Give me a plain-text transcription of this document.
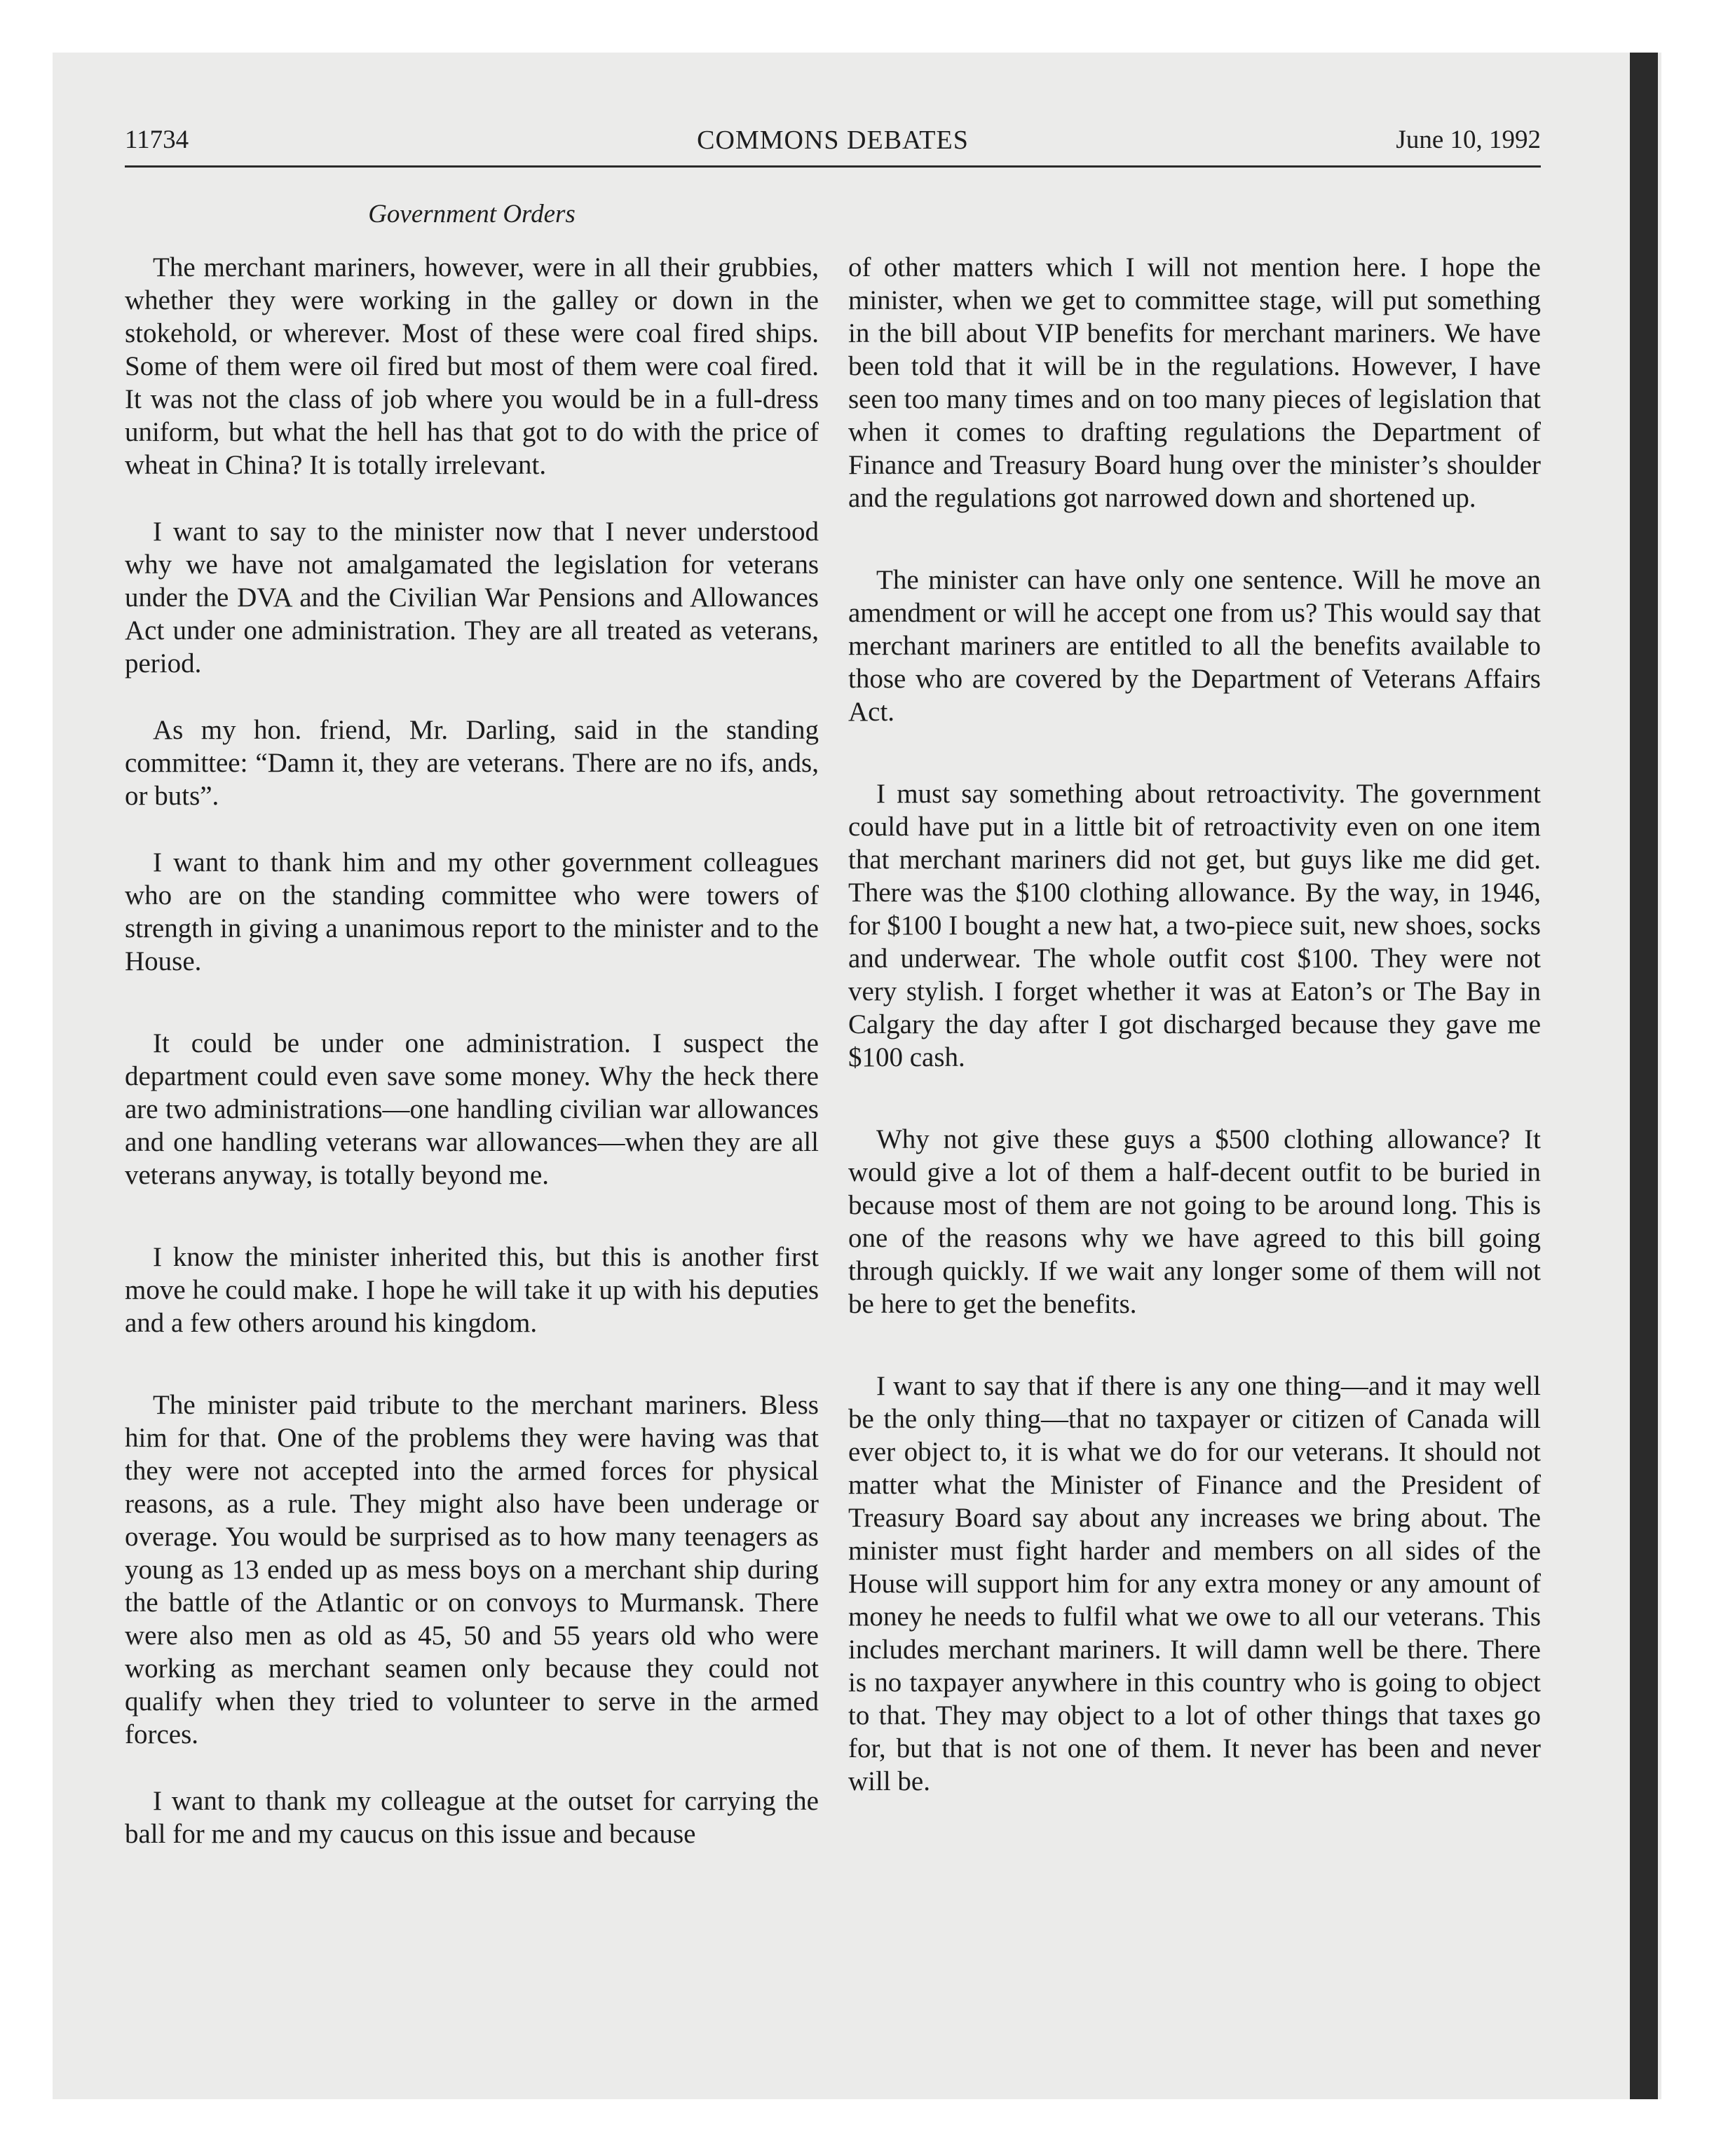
11734	COMMONS DEBATES	June 10, 1992
Government Orders

The merchant mariners, however, were in all their grubbies, whether they were working in the galley or down in the stokehold, or wherever. Most of these were coal fired ships. Some of them were oil fired but most of them were coal fired. It was not the class of job where you would be in a full-dress uniform, but what the hell has that got to do with the price of wheat in China? It is totally irrelevant.

I want to say to the minister now that I never understood why we have not amalgamated the legislation for veterans under the DVA and the Civilian War Pensions and Allowances Act under one administration. They are all treated as veterans, period.

As my hon. friend, Mr. Darling, said in the standing committee: “Damn it, they are veterans. There are no ifs, ands, or buts”.

I want to thank him and my other government colleagues who are on the standing committee who were towers of strength in giving a unanimous report to the minister and to the House.

It could be under one administration. I suspect the department could even save some money. Why the heck there are two administrations—one handling civilian war allowances and one handling veterans war allowances—when they are all veterans anyway, is totally beyond me.

I know the minister inherited this, but this is another first move he could make. I hope he will take it up with his deputies and a few others around his kingdom.

The minister paid tribute to the merchant mariners. Bless him for that. One of the problems they were having was that they were not accepted into the armed forces for physical reasons, as a rule. They might also have been underage or overage. You would be surprised as to how many teenagers as young as 13 ended up as mess boys on a merchant ship during the battle of the Atlantic or on convoys to Murmansk. There were also men as old as 45, 50 and 55 years old who were working as merchant seamen only because they could not qualify when they tried to volunteer to serve in the armed forces.

I want to thank my colleague at the outset for carrying the ball for me and my caucus on this issue and because

of other matters which I will not mention here. I hope the minister, when we get to committee stage, will put something in the bill about VIP benefits for merchant mariners. We have been told that it will be in the regulations. However, I have seen too many times and on too many pieces of legislation that when it comes to drafting regulations the Department of Finance and Treasury Board hung over the minister’s shoulder and the regulations got narrowed down and shortened up.

The minister can have only one sentence. Will he move an amendment or will he accept one from us? This would say that merchant mariners are entitled to all the benefits available to those who are covered by the Department of Veterans Affairs Act.

I must say something about retroactivity. The government could have put in a little bit of retroactivity even on one item that merchant mariners did not get, but guys like me did get. There was the $100 clothing allowance. By the way, in 1946, for $100 I bought a new hat, a two-piece suit, new shoes, socks and underwear. The whole outfit cost $100. They were not very stylish. I forget whether it was at Eaton’s or The Bay in Calgary the day after I got discharged because they gave me $100 cash.

Why not give these guys a $500 clothing allowance? It would give a lot of them a half-decent outfit to be buried in because most of them are not going to be around long. This is one of the reasons why we have agreed to this bill going through quickly. If we wait any longer some of them will not be here to get the benefits.

I want to say that if there is any one thing—and it may well be the only thing—that no taxpayer or citizen of Canada will ever object to, it is what we do for our veterans. It should not matter what the Minister of Finance and the President of Treasury Board say about any increases we bring about. The minister must fight harder and members on all sides of the House will support him for any extra money or any amount of money he needs to fulfil what we owe to all our veterans. This includes merchant mariners. It will damn well be there. There is no taxpayer anywhere in this country who is going to object to that. They may object to a lot of other things that taxes go for, but that is not one of them. It never has been and never will be.
